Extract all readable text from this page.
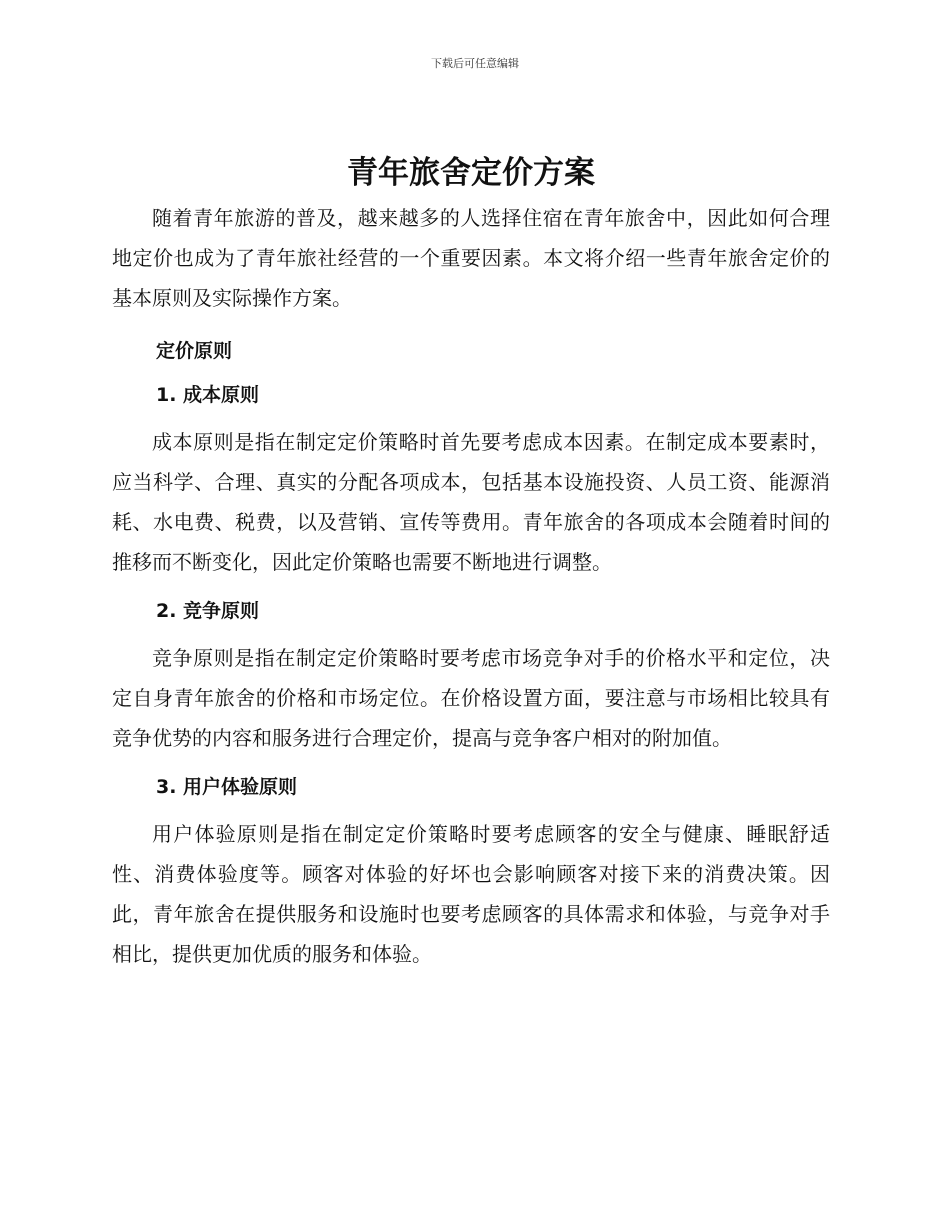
下载后可任意编辑
青年旅舍定价方案

随着青年旅游的普及，越来越多的人选择住宿在青年旅舍中，因此如何合理地定价也成为了青年旅社经营的一个重要因素。本文将介绍一些青年旅舍定价的基本原则及实际操作方案。

定价原则
1. 成本原则

成本原则是指在制定定价策略时首先要考虑成本因素。在制定成本要素时，应当科学、合理、真实的分配各项成本，包括基本设施投资、人员工资、能源消耗、水电费、税费，以及营销、宣传等费用。青年旅舍的各项成本会随着时间的推移而不断变化，因此定价策略也需要不断地进行调整。

2. 竞争原则

竞争原则是指在制定定价策略时要考虑市场竞争对手的价格水平和定位，决定自身青年旅舍的价格和市场定位。在价格设置方面，要注意与市场相比较具有竞争优势的内容和服务进行合理定价，提高与竞争客户相对的附加值。

3. 用户体验原则

用户体验原则是指在制定定价策略时要考虑顾客的安全与健康、睡眠舒适性、消费体验度等。顾客对体验的好坏也会影响顾客对接下来的消费决策。因此，青年旅舍在提供服务和设施时也要考虑顾客的具体需求和体验，与竞争对手相比，提供更加优质的服务和体验。
